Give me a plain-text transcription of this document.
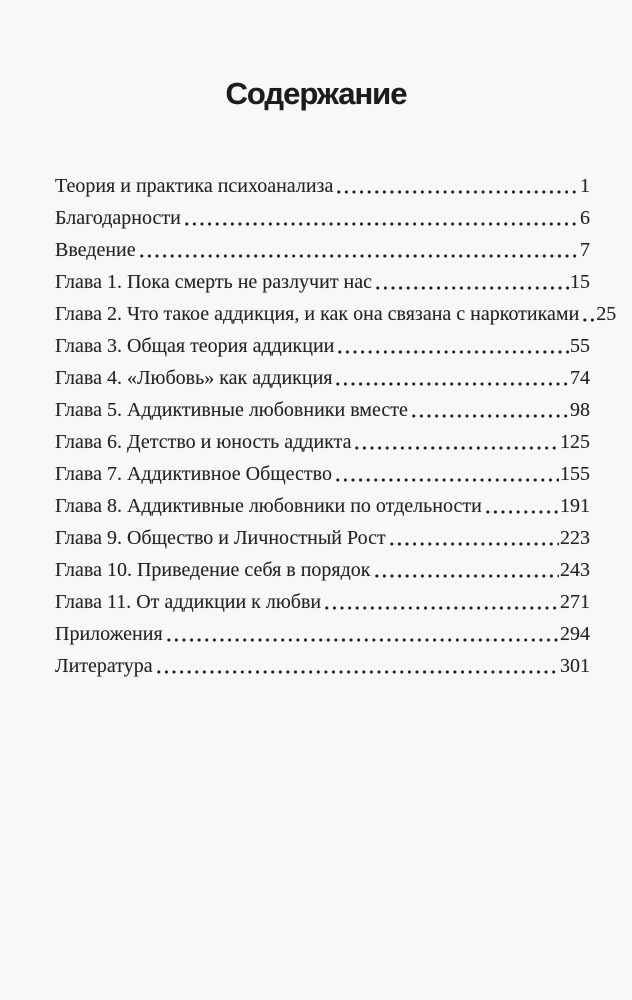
Содержание
Теория и практика психоанализа	1
Благодарности	6
Введение	7
Глава 1. Пока смерть не разлучит нас	15
Глава 2. Что такое аддикция, и как она связана с наркотиками 25
Глава 3. Общая теория аддикции	55
Глава 4. «Любовь» как аддикция	74
Глава 5. Аддиктивные любовники вместе	98
Глава 6. Детство и юность аддикта	125
Глава 7. Аддиктивное Общество	155
Глава 8. Аддиктивные любовники по отдельности	191
Глава 9. Общество и Личностный Рост	223
Глава 10. Приведение себя в порядок	243
Глава 11. От аддикции к любви	271
Приложения	294
Литература	301
